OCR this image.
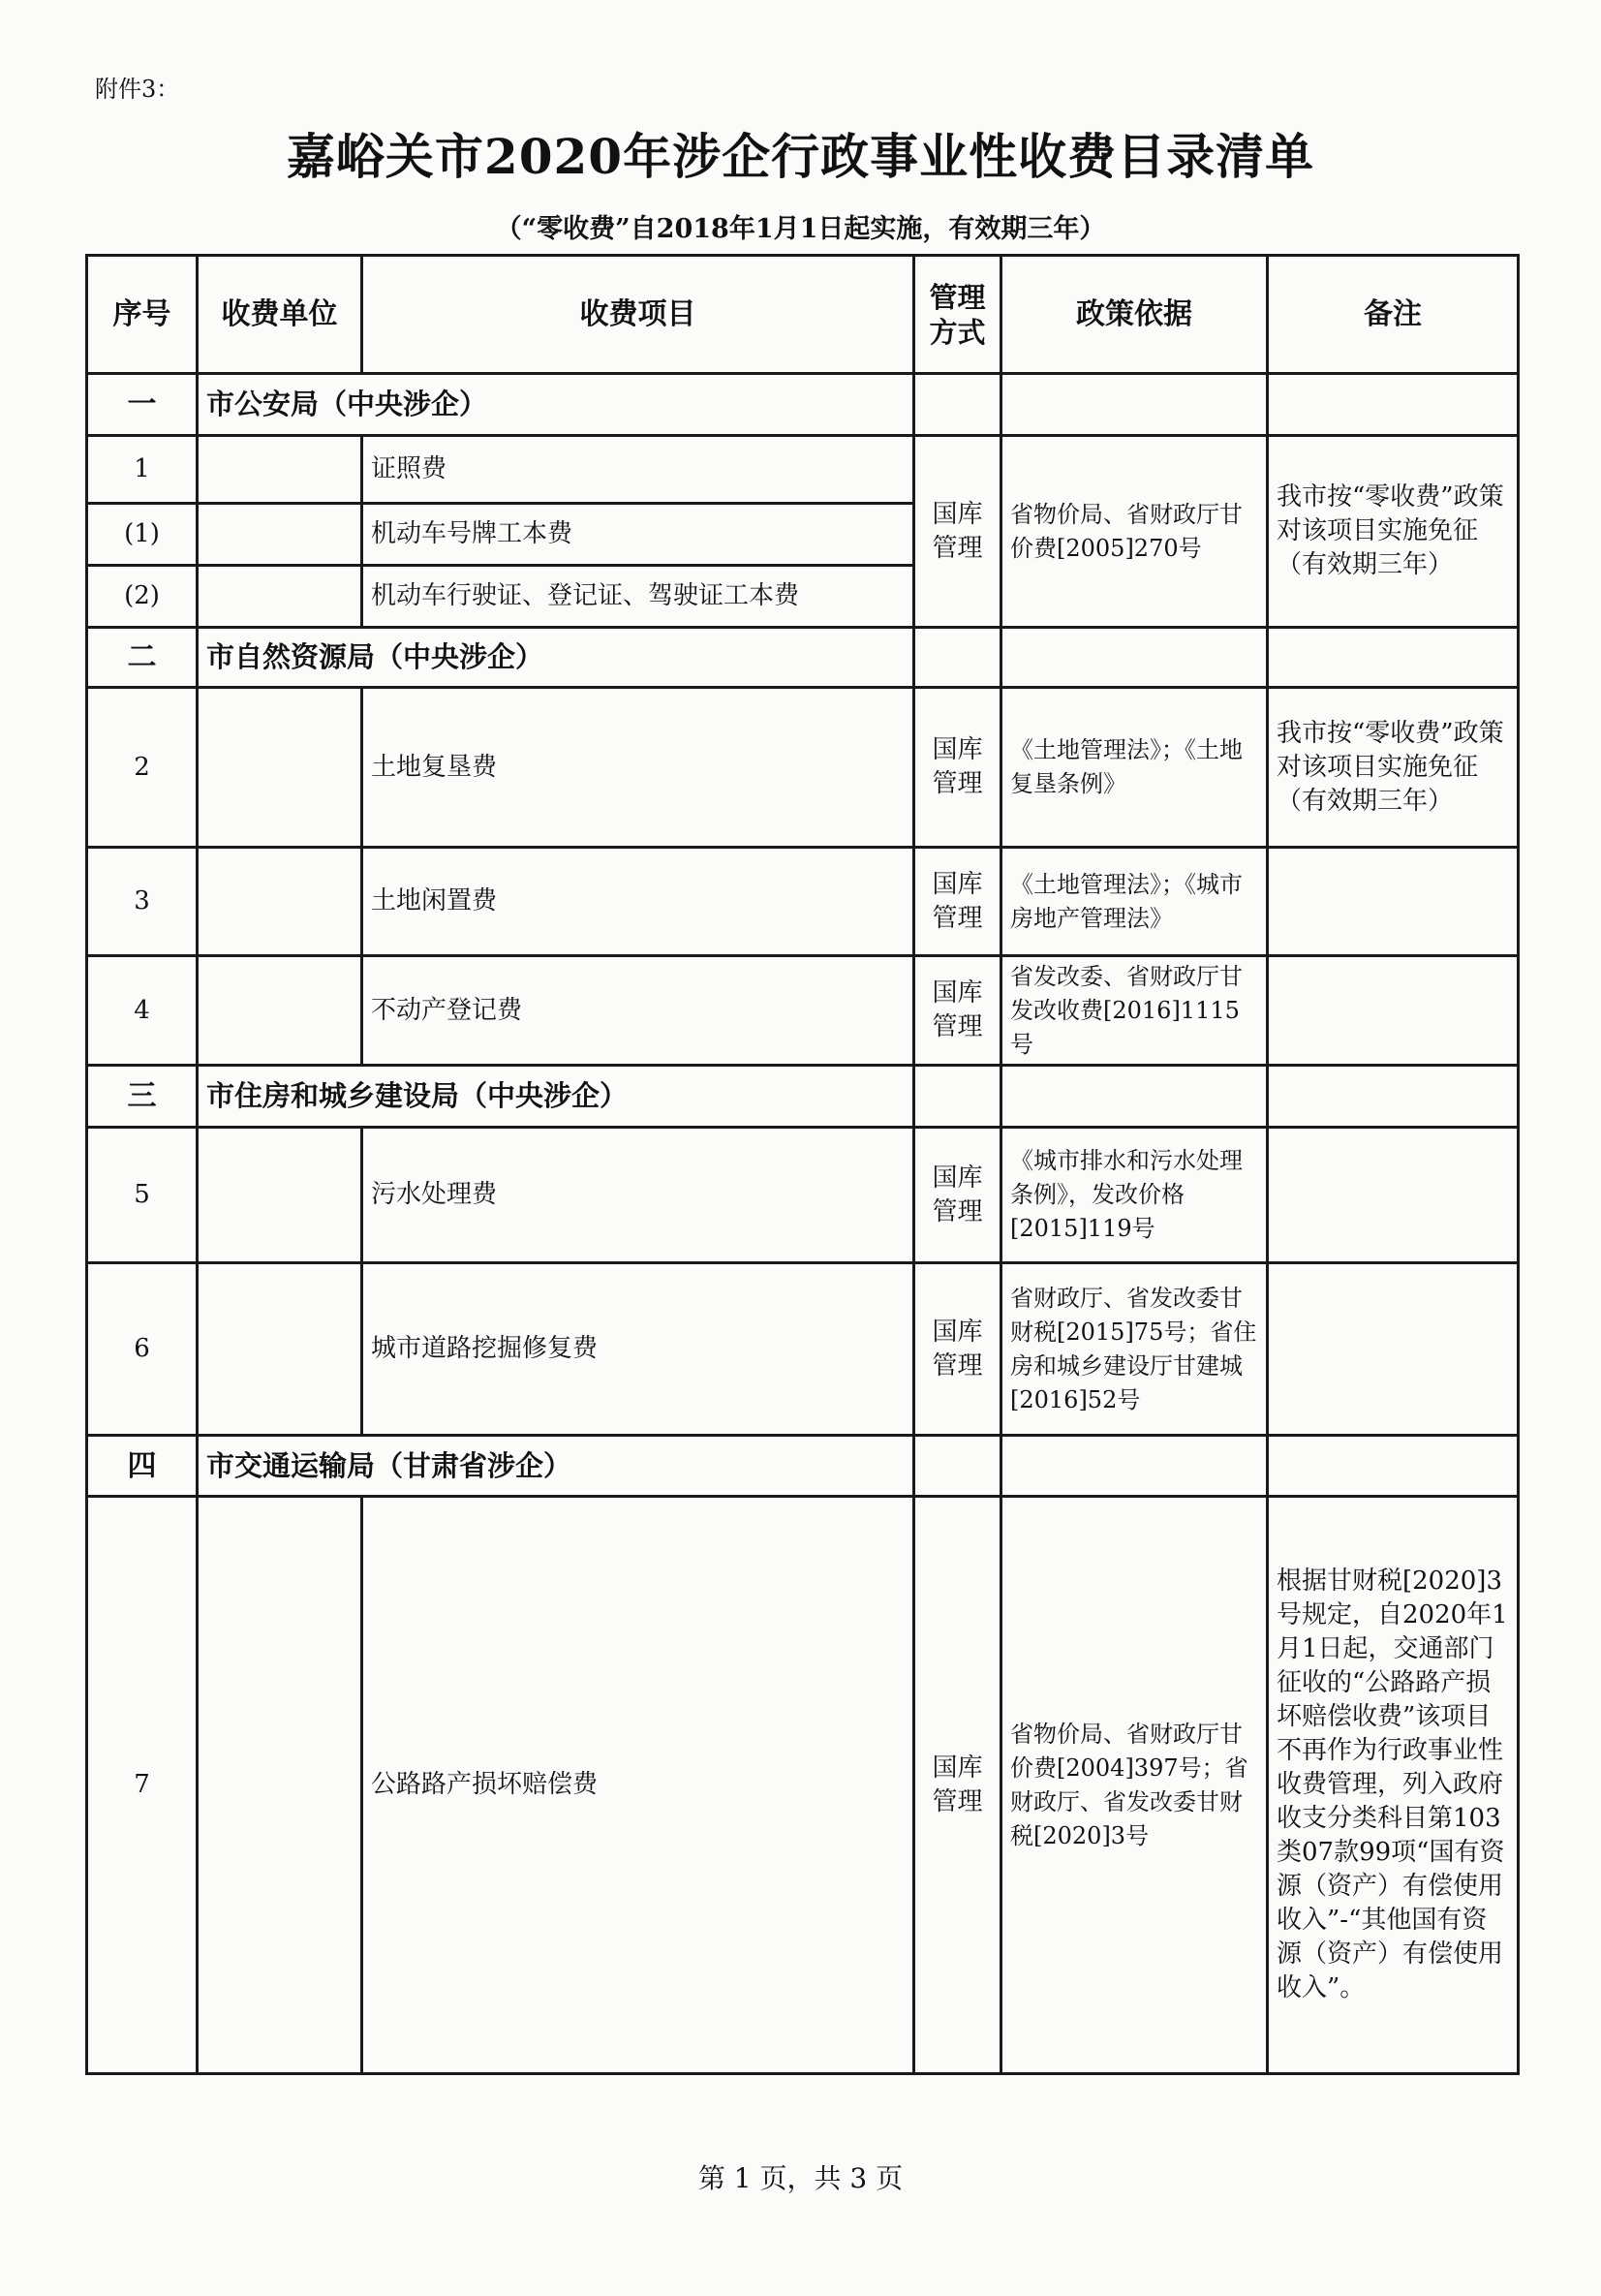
附件3：
嘉峪关市2020年涉企行政事业性收费目录清单
（“零收费”自2018年1月1日起实施，有效期三年）
序号	收费单位	收费项目	管理方式	政策依据	备注
一	市公安局（中央涉企）				
1		证照费	国库管理	省物价局、省财政厅甘价费[2005]270号	我市按“零收费”政策对该项目实施免征（有效期三年）
(1)		机动车号牌工本费			
(2)		机动车行驶证、登记证、驾驶证工本费			
二	市自然资源局（中央涉企）				
2		土地复垦费	国库管理	《土地管理法》；《土地复垦条例》	我市按“零收费”政策对该项目实施免征（有效期三年）
3		土地闲置费	国库管理	《土地管理法》；《城市房地产管理法》	
4		不动产登记费	国库管理	省发改委、省财政厅甘发改收费[2016]1115号	
三	市住房和城乡建设局（中央涉企）				
5		污水处理费	国库管理	《城市排水和污水处理条例》，发改价格[2015]119号	
6		城市道路挖掘修复费	国库管理	省财政厅、省发改委甘财税[2015]75号；省住房和城乡建设厅甘建城[2016]52号	
四	市交通运输局（甘肃省涉企）				
7		公路路产损坏赔偿费	国库管理	省物价局、省财政厅甘价费[2004]397号；省财政厅、省发改委甘财税[2020]3号	根据甘财税[2020]3号规定，自2020年1月1日起，交通部门征收的“公路路产损坏赔偿收费”该项目不再作为行政事业性收费管理，列入政府收支分类科目第103类07款99项“国有资源（资产）有偿使用收入”-“其他国有资源（资产）有偿使用收入”。
第 1 页，共 3 页
